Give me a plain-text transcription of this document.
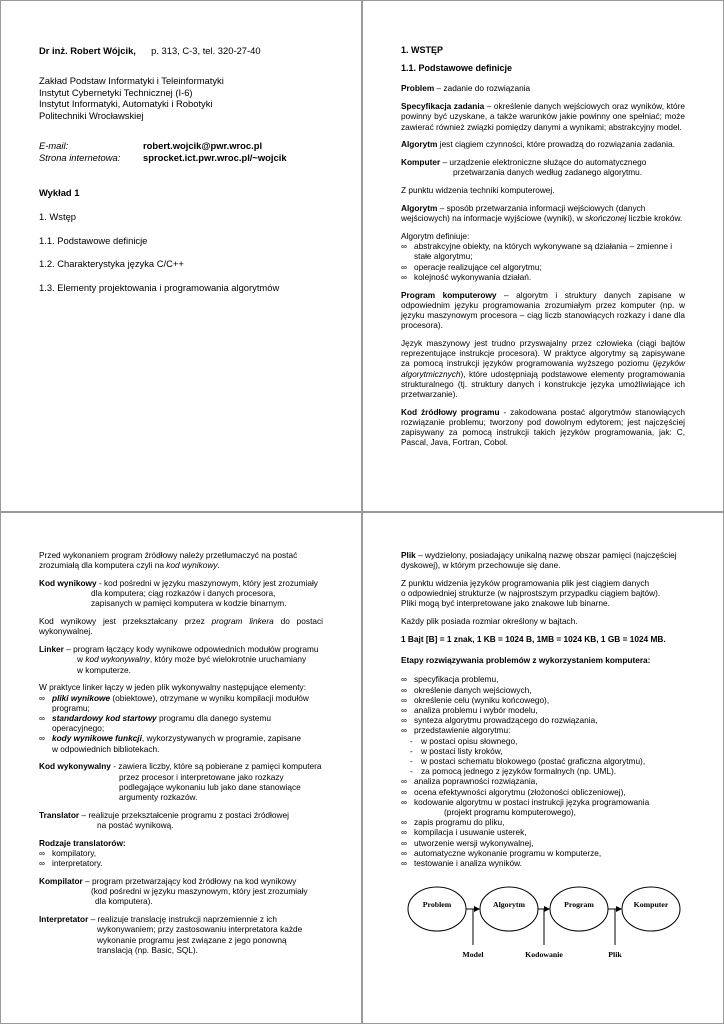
Dr inż. Robert Wójcik, p. 313, C-3, tel. 320-27-40
Zakład Podstaw Informatyki i Teleinformatyki
Instytut Cybernetyki Technicznej (I-6)
Instytut Informatyki, Automatyki i Robotyki
Politechniki Wrocławskiej
E-mail:	robert.wojcik@pwr.wroc.pl
Strona internetowa:	sprocket.ict.pwr.wroc.pl/~wojcik
Wykład 1
1. Wstęp
1.1. Podstawowe definicje
1.2. Charakterystyka języka C/C++
1.3. Elementy projektowania i programowania algorytmów
1. WSTĘP
1.1. Podstawowe definicje
Problem – zadanie do rozwiązania
Specyfikacja zadania – określenie danych wejściowych oraz wyników, które powinny być uzyskane, a także warunków jakie powinny one spełniać; może zawierać również związki pomiędzy danymi a wynikami; abstrakcyjny model.
Algorytm jest ciągiem czynności, które prowadzą do rozwiązania zadania.
Komputer – urządzenie elektroniczne służące do automatycznego
przetwarzania danych według zadanego algorytmu.
Z punktu widzenia techniki komputerowej.
Algorytm – sposób przetwarzania informacji wejściowych (danych wejściowych) na informacje wyjściowe (wyniki), w skończonej liczbie kroków.
Algorytm definiuje:
∞ abstrakcyjne obiekty, na których wykonywane są działania – zmienne i stałe algorytmu;
∞ operacje realizujące cel algorytmu;
∞ kolejność wykonywania działań.
Program komputerowy – algorytm i struktury danych zapisane w odpowiednim języku programowania zrozumiałym przez komputer (np. w języku maszynowym procesora – ciąg liczb stanowiących rozkazy i dane dla procesora).
Język maszynowy jest trudno przyswajalny przez człowieka (ciągi bajtów reprezentujące instrukcje procesora). W praktyce algorytmy są zapisywane za pomocą instrukcji języków programowania wyższego poziomu (języków algorytmicznych), które udostępniają podstawowe elementy programowania strukturalnego (tj. struktury danych i konstrukcje języka umożliwiające ich przetwarzanie).
Kod źródłowy programu - zakodowana postać algorytmów stanowiących rozwiązanie problemu; tworzony pod dowolnym edytorem; jest najczęściej zapisywany za pomocą instrukcji takich języków programowania, jak: C, Pascal, Java, Fortran, Cobol.
Przed wykonaniem program źródłowy należy przetłumaczyć na postać
zrozumiałą dla komputera czyli na kod wynikowy.
Kod wynikowy - kod pośredni w języku maszynowym, który jest zrozumiały
dla komputera; ciąg rozkazów i danych procesora,
zapisanych w pamięci komputera w kodzie binarnym.
Kod wynikowy jest przekształcany przez program linkera do postaci wykonywalnej.
Linker – program łączący kody wynikowe odpowiednich modułów programu
w kod wykonywalny, który może być wielokrotnie uruchamiany
w komputerze.
W praktyce linker łączy w jeden plik wykonywalny następujące elementy:
∞ pliki wynikowe (obiektowe), otrzymane w wyniku kompilacji modułów
programu;
∞ standardowy kod startowy programu dla danego systemu operacyjnego;
∞ kody wynikowe funkcji, wykorzystywanych w programie, zapisane
w odpowiednich bibliotekach.
Kod wykonywalny - zawiera liczby, które są pobierane z pamięci komputera
przez procesor i interpretowane jako rozkazy
podlegające wykonaniu lub jako dane stanowiące
argumenty rozkazów.
Translator – realizuje przekształcenie programu z postaci źródłowej
na postać wynikową.
Rodzaje translatorów:
∞ kompilatory,
∞ interpretatory.
Kompilator – program przetwarzający kod źródłowy na kod wynikowy
(kod pośredni w języku maszynowym, który jest zrozumiały
dla komputera).
Interpretator – realizuje translację instrukcji naprzemiennie z ich
wykonywaniem; przy zastosowaniu interpretatora każde
wykonanie programu jest związane z jego ponowną
translacją (np. Basic, SQL).
Plik – wydzielony, posiadający unikalną nazwę obszar pamięci (najczęściej dyskowej), w którym przechowuje się dane.
Z punktu widzenia języków programowania plik jest ciągiem danych
o odpowiedniej strukturze (w najprostszym przypadku ciągiem bajtów).
Pliki mogą być interpretowane jako znakowe lub binarne.
Każdy plik posiada rozmiar określony w bajtach.
1 Bajt [B] = 1 znak, 1 KB = 1024 B, 1MB = 1024 KB, 1 GB = 1024 MB.
Etapy rozwiązywania problemów z wykorzystaniem komputera:
∞ specyfikacja problemu,
∞ określenie danych wejściowych,
∞ określenie celu (wyniku końcowego),
∞ analiza problemu i wybór modelu,
∞ synteza algorytmu prowadzącego do rozwiązania,
∞ przedstawienie algorytmu:
- w postaci opisu słownego,
- w postaci listy kroków,
- w postaci schematu blokowego (postać graficzna algorytmu),
- za pomocą jednego z języków formalnych (np. UML).
∞ analiza poprawności rozwiązania,
∞ ocena efektywności algorytmu (złożoności obliczeniowej),
∞ kodowanie algorytmu w postaci instrukcji języka programowania
(projekt programu komputerowego),
∞ zapis programu do pliku,
∞ kompilacja i usuwanie usterek,
∞ utworzenie wersji wykonywalnej,
∞ automatyczne wykonanie programu w komputerze,
∞ testowanie i analiza wyników.
Problem	Algorytm	Program	Komputer
Model	Kodowanie	Plik
